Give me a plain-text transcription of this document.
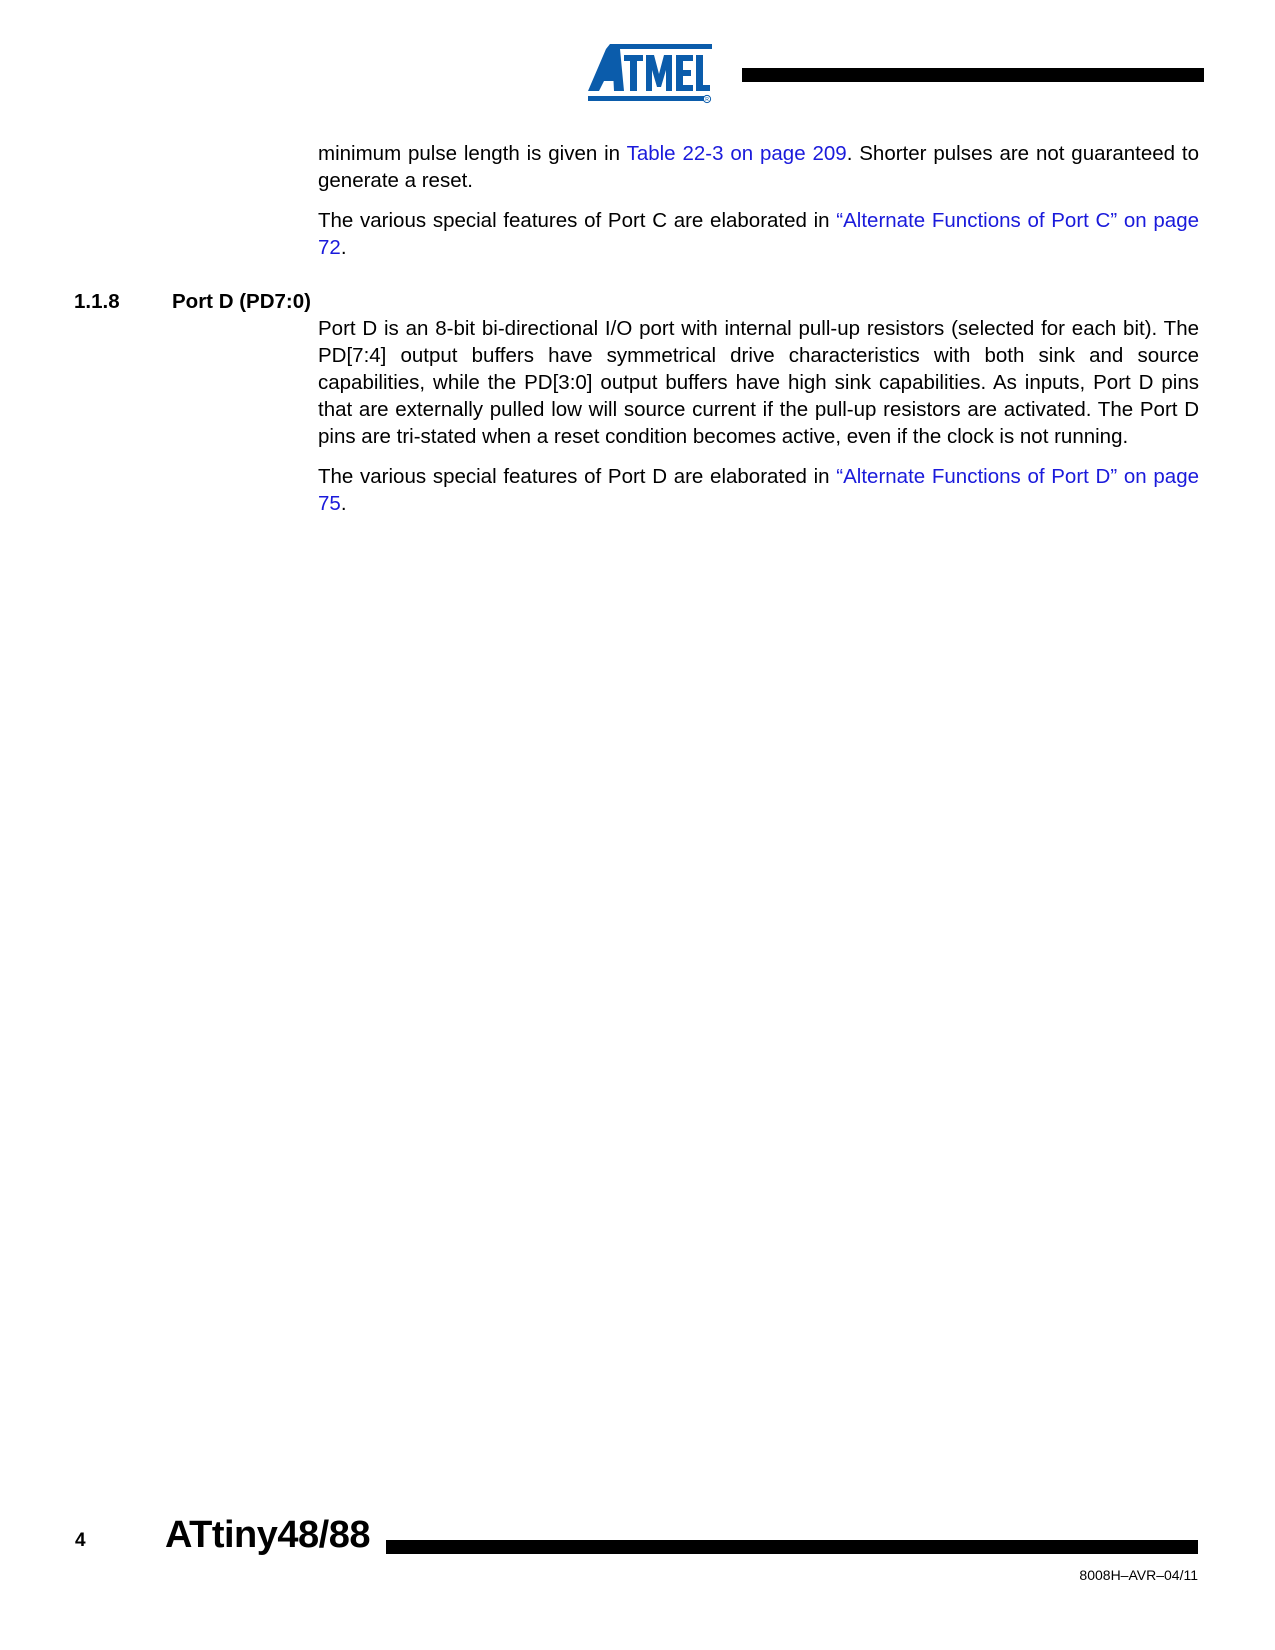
R

minimum pulse length is given in Table 22-3 on page 209. Shorter pulses are not guaranteed to generate a reset.

The various special features of Port C are elaborated in “Alternate Functions of Port C” on page 72.

1.1.8	Port D (PD7:0)

Port D is an 8-bit bi-directional I/O port with internal pull-up resistors (selected for each bit). The PD[7:4] output buffers have symmetrical drive characteristics with both sink and source capabilities, while the PD[3:0] output buffers have high sink capabilities. As inputs, Port D pins that are externally pulled low will source current if the pull-up resistors are activated. The Port D pins are tri-stated when a reset condition becomes active, even if the clock is not running.

The various special features of Port D are elaborated in “Alternate Functions of Port D” on page 75.

4 ATtiny48/88
8008H–AVR–04/11
